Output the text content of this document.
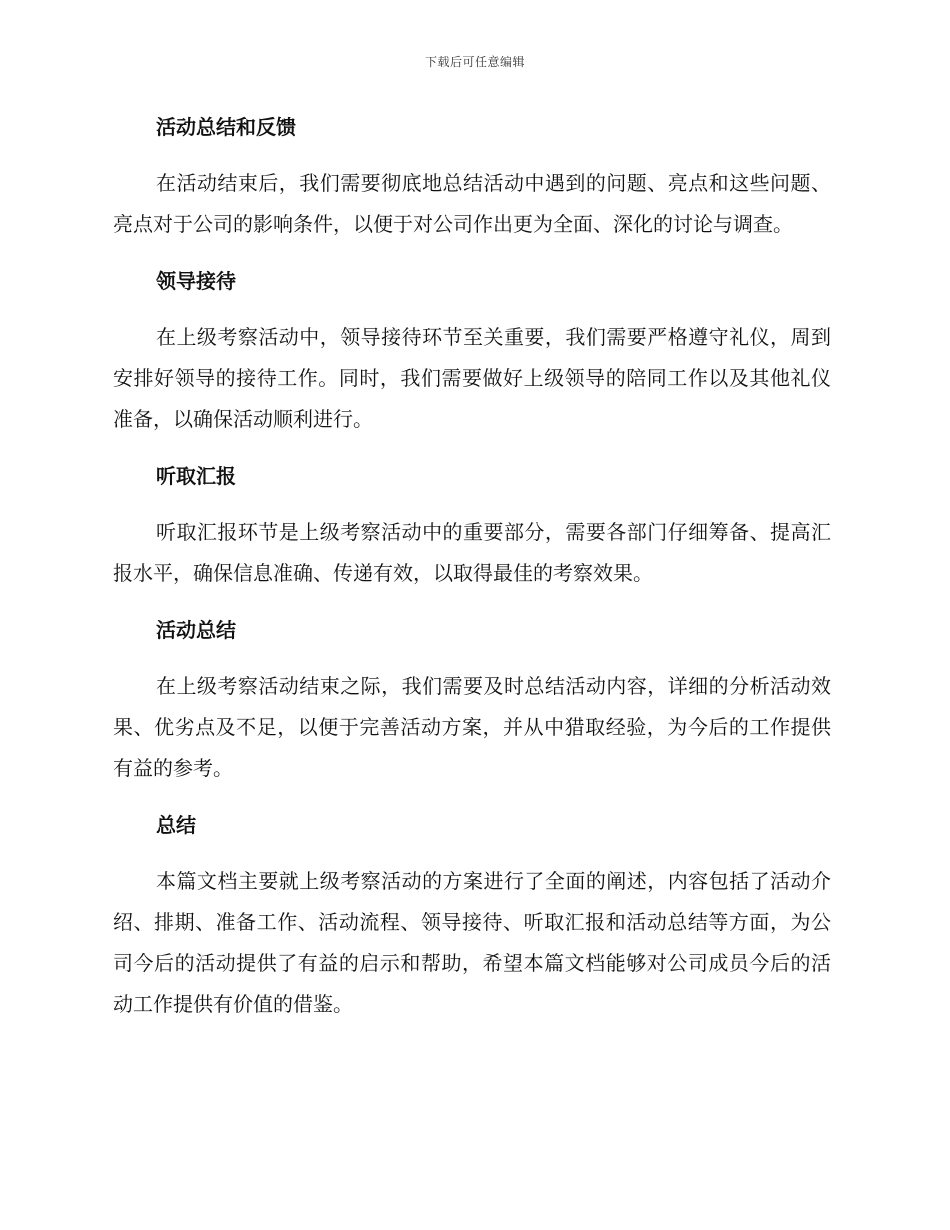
下载后可任意编辑
活动总结和反馈

在活动结束后，我们需要彻底地总结活动中遇到的问题、亮点和这些问题、亮点对于公司的影响条件，以便于对公司作出更为全面、深化的讨论与调查。

领导接待

在上级考察活动中，领导接待环节至关重要，我们需要严格遵守礼仪，周到安排好领导的接待工作。同时，我们需要做好上级领导的陪同工作以及其他礼仪准备，以确保活动顺利进行。

听取汇报

听取汇报环节是上级考察活动中的重要部分，需要各部门仔细筹备、提高汇报水平，确保信息准确、传递有效，以取得最佳的考察效果。

活动总结

在上级考察活动结束之际，我们需要及时总结活动内容，详细的分析活动效果、优劣点及不足，以便于完善活动方案，并从中猎取经验，为今后的工作提供有益的参考。

总结

本篇文档主要就上级考察活动的方案进行了全面的阐述，内容包括了活动介绍、排期、准备工作、活动流程、领导接待、听取汇报和活动总结等方面，为公司今后的活动提供了有益的启示和帮助，希望本篇文档能够对公司成员今后的活动工作提供有价值的借鉴。
